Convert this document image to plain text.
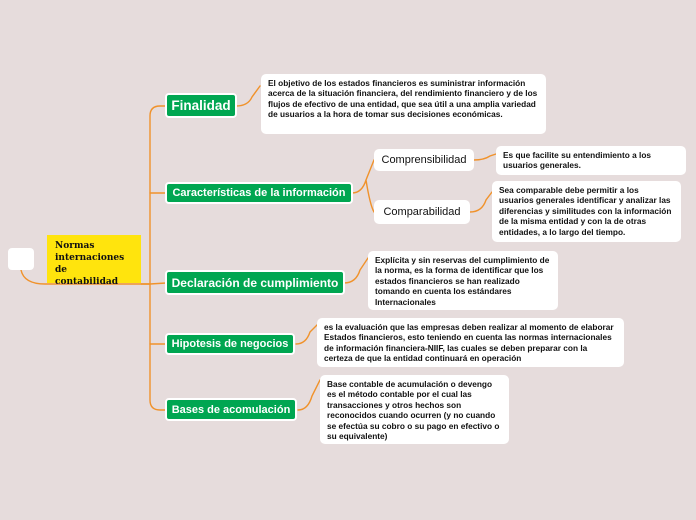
Normas internaciones de contabilidad
Finalidad
El objetivo de los estados financieros es suministrar información acerca de la situación financiera, del rendimiento financiero y de los flujos de efectivo de una entidad, que sea útil a una amplia variedad de usuarios a la hora de tomar sus decisiones económicas.
Características de la información
Comprensibilidad	Es que facilite su entendimiento a los usuarios generales.
Comparabilidad
Sea comparable debe permitir a los usuarios generales identificar y analizar las diferencias y similitudes con la información de la misma entidad y con la de otras entidades, a lo largo del tiempo.
Declaración de cumplimiento
Explícita y sin reservas del cumplimiento de la norma, es la forma de identificar que los estados financieros se han realizado tomando en cuenta los estándares Internacionales
Hipotesis de negocios
es la evaluación que las empresas deben realizar al momento de elaborar Estados financieros, esto teniendo en cuenta las normas internacionales de información financiera-NIIF, las cuales se deben preparar con la certeza de que la entidad continuará en operación
Bases de acomulación
Base contable de acumulación o devengo es el método contable por el cual las transacciones y otros hechos son reconocidos cuando ocurren (y no cuando se efectúa su cobro o su pago en efectivo o su equivalente)
